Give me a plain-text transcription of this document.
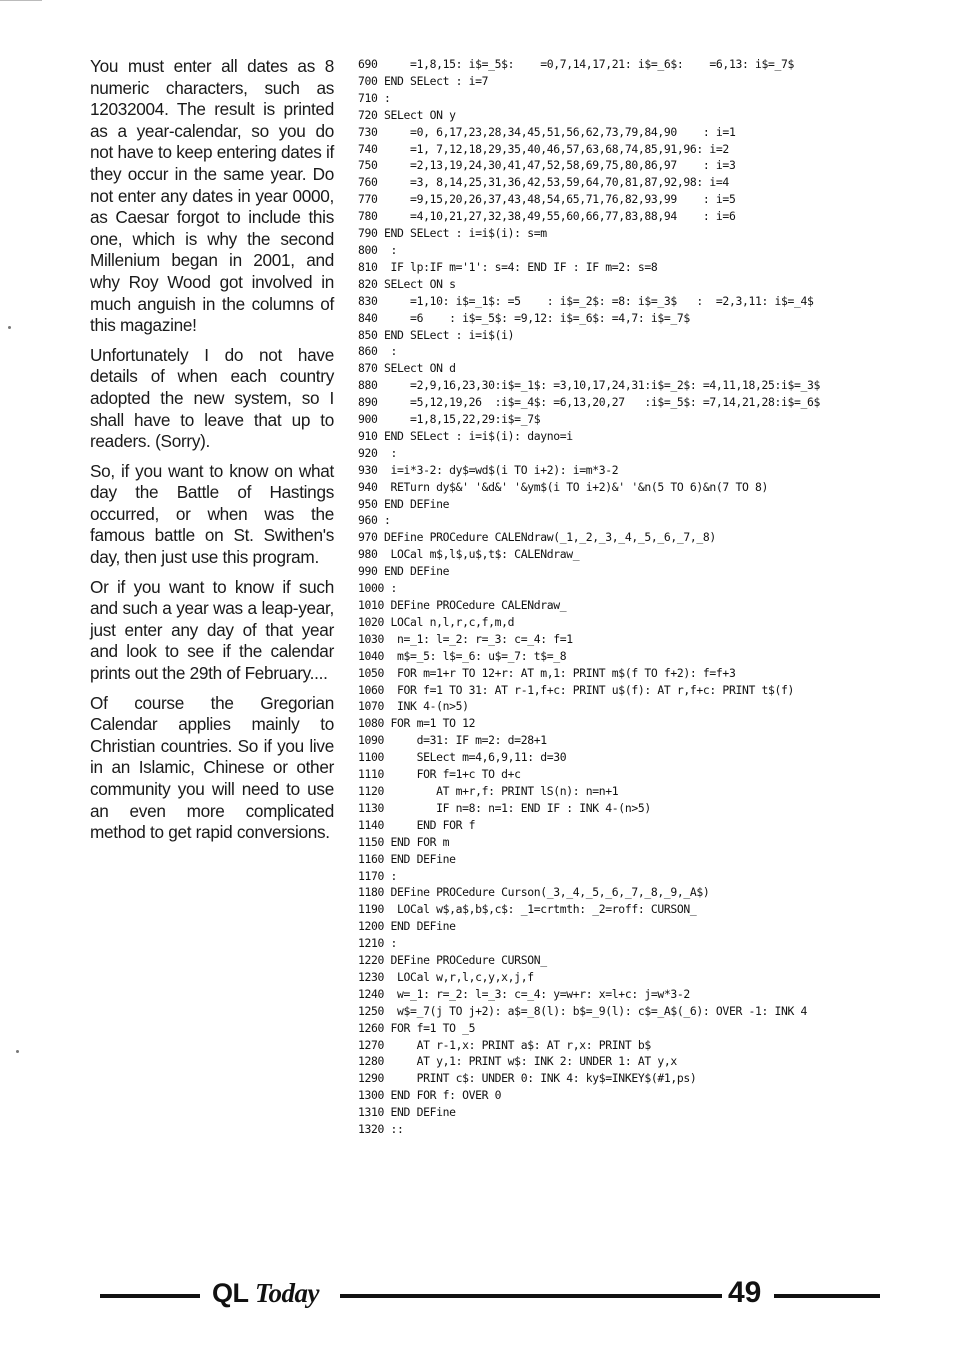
You must enter all dates as 8 numeric characters, such as 12032004. The result is printed as a year-calendar, so you do not have to keep entering dates if they occur in the same year. Do not enter any dates in year 0000, as Caesar forgot to include this one, which is why the second Millenium began in 2001, and why Roy Wood got involved in much anguish in the columns of this magazine!

Unfortunately I do not have details of when each country adopted the new system, so I shall have to leave that up to readers. (Sorry).

So, if you want to know on what day the Battle of Hastings occurred, or when was the famous battle on St. Swithen's day, then just use this program.

Or if you want to know if such and such a year was a leap-year, just enter any day of that year and look to see if the calendar prints out the 29th of February....

Of course the Gregorian Calendar applies mainly to Christian countries. So if you live in an Islamic, Chinese or other community you will need to use an even more complicated method to get rapid conversions.

690     =1,8,15: i$=_5$:    =0,7,14,17,21: i$=_6$:    =6,13: i$=_7$
700 END SELect : i=7
710 :
720 SELect ON y
730     =0, 6,17,23,28,34,45,51,56,62,73,79,84,90    : i=1
740     =1, 7,12,18,29,35,40,46,57,63,68,74,85,91,96: i=2
750     =2,13,19,24,30,41,47,52,58,69,75,80,86,97    : i=3
760     =3, 8,14,25,31,36,42,53,59,64,70,81,87,92,98: i=4
770     =9,15,20,26,37,43,48,54,65,71,76,82,93,99    : i=5
780     =4,10,21,27,32,38,49,55,60,66,77,83,88,94    : i=6
790 END SELect : i=i$(i): s=m
800  :
810  IF lp:IF m='1': s=4: END IF : IF m=2: s=8
820 SELect ON s
830     =1,10: i$=_1$: =5    : i$=_2$: =8: i$=_3$   :  =2,3,11: i$=_4$
840     =6    : i$=_5$: =9,12: i$=_6$: =4,7: i$=_7$
850 END SELect : i=i$(i)
860  :
870 SELect ON d
880     =2,9,16,23,30:i$=_1$: =3,10,17,24,31:i$=_2$: =4,11,18,25:i$=_3$
890     =5,12,19,26  :i$=_4$: =6,13,20,27   :i$=_5$: =7,14,21,28:i$=_6$
900     =1,8,15,22,29:i$=_7$
910 END SELect : i=i$(i): dayno=i
920  :
930  i=i*3-2: dy$=wd$(i TO i+2): i=m*3-2
940  RETurn dy$&' '&d&' '&ym$(i TO i+2)&' '&n(5 TO 6)&n(7 TO 8)
950 END DEFine
960 :
970 DEFine PROCedure CALENdraw(_1,_2,_3,_4,_5,_6,_7,_8)
980  LOCal m$,l$,u$,t$: CALENdraw_
990 END DEFine
1000 :
1010 DEFine PROCedure CALENdraw_
1020 LOCal n,l,r,c,f,m,d
1030  n=_1: l=_2: r=_3: c=_4: f=1
1040  m$=_5: l$=_6: u$=_7: t$=_8
1050  FOR m=1+r TO 12+r: AT m,1: PRINT m$(f TO f+2): f=f+3
1060  FOR f=1 TO 31: AT r-1,f+c: PRINT u$(f): AT r,f+c: PRINT t$(f)
1070  INK 4-(n>5)
1080 FOR m=1 TO 12
1090     d=31: IF m=2: d=28+1
1100     SELect m=4,6,9,11: d=30
1110     FOR f=1+c TO d+c
1120        AT m+r,f: PRINT lS(n): n=n+1
1130        IF n=8: n=1: END IF : INK 4-(n>5)
1140     END FOR f
1150 END FOR m
1160 END DEFine
1170 :
1180 DEFine PROCedure Curson(_3,_4,_5,_6,_7,_8,_9,_A$)
1190  LOCal w$,a$,b$,c$: _1=crtmth: _2=roff: CURSON_
1200 END DEFine
1210 :
1220 DEFine PROCedure CURSON_
1230  LOCal w,r,l,c,y,x,j,f
1240  w=_1: r=_2: l=_3: c=_4: y=w+r: x=l+c: j=w*3-2
1250  w$=_7(j TO j+2): a$=_8(l): b$=_9(l): c$=_A$(_6): OVER -1: INK 4
1260 FOR f=1 TO _5
1270     AT r-1,x: PRINT a$: AT r,x: PRINT b$
1280     AT y,1: PRINT w$: INK 2: UNDER 1: AT y,x
1290     PRINT c$: UNDER 0: INK 4: ky$=INKEY$(#1,ps)
1300 END FOR f: OVER 0
1310 END DEFine
1320 ::
QL Today	49
